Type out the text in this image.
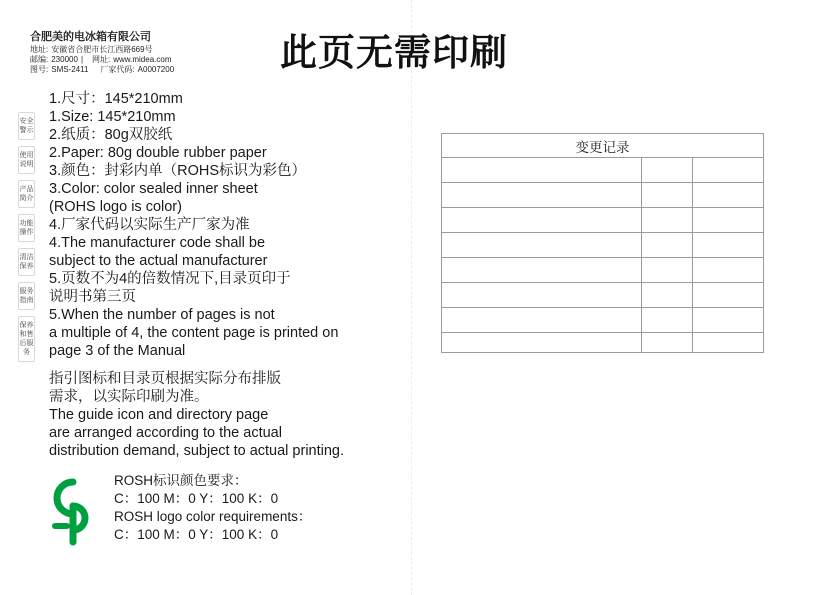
合肥美的电冰箱有限公司
地址: 安徽省合肥市长江西路669号
邮编: 230000 | 网址: www.midea.com
图号: SMS-2411 厂家代码: A0007200	此页无需印刷
安全警示
使用说明
产品简介
功能操作
清洁保养
服务指南
保养和售后服务
1.尺寸：145*210mm
1.Size: 145*210mm
2.纸质：80g双胶纸
2.Paper: 80g double rubber paper
3.颜色：封彩内单（ROHS标识为彩色）
3.Color: color sealed inner sheet
(ROHS logo is color)
4.厂家代码以实际生产厂家为准
4.The manufacturer code shall be
subject to the actual manufacturer
5.页数不为4的倍数情况下,目录页印于
说明书第三页
5.When the number of pages is not
a multiple of 4, the content page is printed on
page 3 of the Manual
指引图标和目录页根据实际分布排版
需求，以实际印刷为准。
The guide icon and directory page
are arranged according to the actual
distribution demand, subject to actual printing.
ROSH标识颜色要求：
C：100 M：0 Y：100 K：0
ROSH logo color requirements：
C：100 M：0 Y：100 K：0
变更记录		
